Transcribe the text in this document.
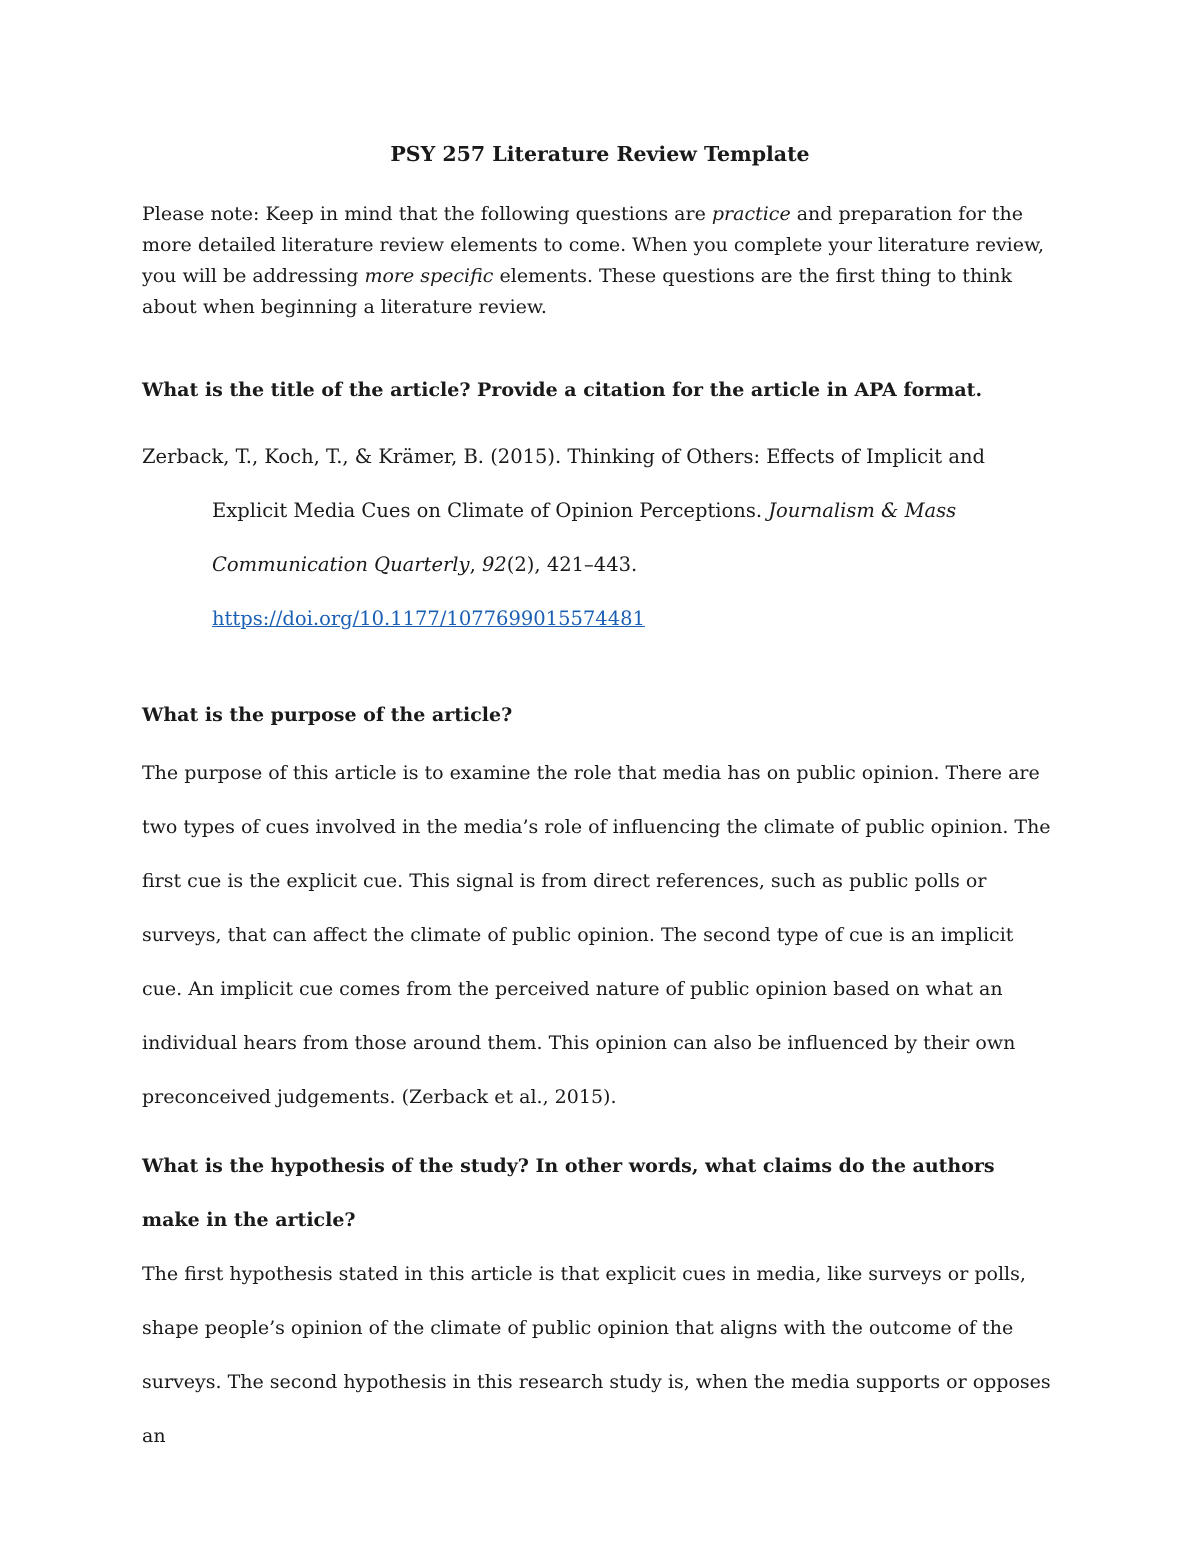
PSY 257 Literature Review Template

Please note: Keep in mind that the following questions are practice and preparation for the more detailed literature review elements to come. When you complete your literature review, you will be addressing more specific elements. These questions are the first thing to think about when beginning a literature review.

What is the title of the article? Provide a citation for the article in APA format.

Zerback, T., Koch, T., & Krämer, B. (2015). Thinking of Others: Effects of Implicit and Explicit Media Cues on Climate of Opinion Perceptions. Journalism & Mass Communication Quarterly, 92(2), 421–443. https://doi.org/10.1177/1077699015574481

What is the purpose of the article?

The purpose of this article is to examine the role that media has on public opinion. There are two types of cues involved in the media’s role of influencing the climate of public opinion. The first cue is the explicit cue. This signal is from direct references, such as public polls or surveys, that can affect the climate of public opinion. The second type of cue is an implicit cue. An implicit cue comes from the perceived nature of public opinion based on what an individual hears from those around them. This opinion can also be influenced by their own preconceived judgements. (Zerback et al., 2015).

What is the hypothesis of the study? In other words, what claims do the authors make in the article?

The first hypothesis stated in this article is that explicit cues in media, like surveys or polls, shape people’s opinion of the climate of public opinion that aligns with the outcome of the surveys. The second hypothesis in this research study is, when the media supports or opposes an
